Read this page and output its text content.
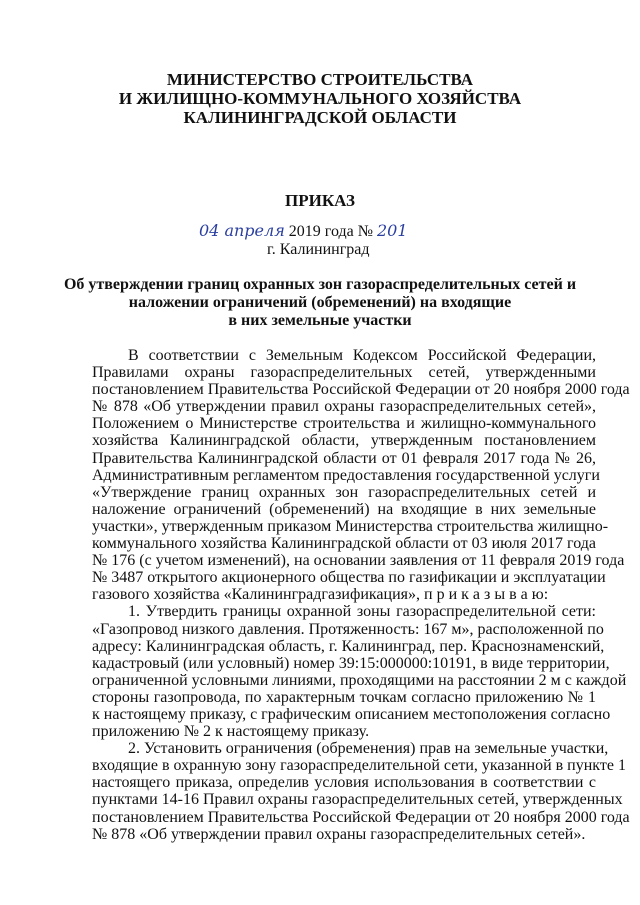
МИНИСТЕРСТВО СТРОИТЕЛЬСТВА
И ЖИЛИЩНО-КОММУНАЛЬНОГО ХОЗЯЙСТВА
КАЛИНИНГРАДСКОЙ ОБЛАСТИ
ПРИКАЗ
04 апреля 2019 года № 201
г. Калининград
Об утверждении границ охранных зон газораспределительных сетей и
наложении ограничений (обременений) на входящие
в них земельные участки
В соответствии с Земельным Кодексом Российской Федерации,
Правилами охраны газораспределительных сетей, утвержденными
постановлением Правительства Российской Федерации от 20 ноября 2000 года
№ 878 «Об утверждении правил охраны газораспределительных сетей»,
Положением о Министерстве строительства и жилищно-коммунального
хозяйства Калининградской области, утвержденным постановлением
Правительства Калининградской области от 01 февраля 2017 года № 26,
Административным регламентом предоставления государственной услуги
«Утверждение границ охранных зон газораспределительных сетей и
наложение ограничений (обременений) на входящие в них земельные
участки», утвержденным приказом Министерства строительства жилищно-
коммунального хозяйства Калининградской области от 03 июля 2017 года
№ 176 (с учетом изменений), на основании заявления от 11 февраля 2019 года
№ 3487 открытого акционерного общества по газификации и эксплуатации
газового хозяйства «Калининградгазификация», п р и к а з ы в а ю:
1. Утвердить границы охранной зоны газораспределительной сети:
«Газопровод низкого давления. Протяженность: 167 м», расположенной по
адресу: Калининградская область, г. Калининград, пер. Краснознаменский,
кадастровый (или условный) номер 39:15:000000:10191, в виде территории,
ограниченной условными линиями, проходящими на расстоянии 2 м с каждой
стороны газопровода, по характерным точкам согласно приложению № 1
к настоящему приказу, с графическим описанием местоположения согласно
приложению № 2 к настоящему приказу.
2. Установить ограничения (обременения) прав на земельные участки,
входящие в охранную зону газораспределительной сети, указанной в пункте 1
настоящего приказа, определив условия использования в соответствии с
пунктами 14-16 Правил охраны газораспределительных сетей, утвержденных
постановлением Правительства Российской Федерации от 20 ноября 2000 года
№ 878 «Об утверждении правил охраны газораспределительных сетей».
